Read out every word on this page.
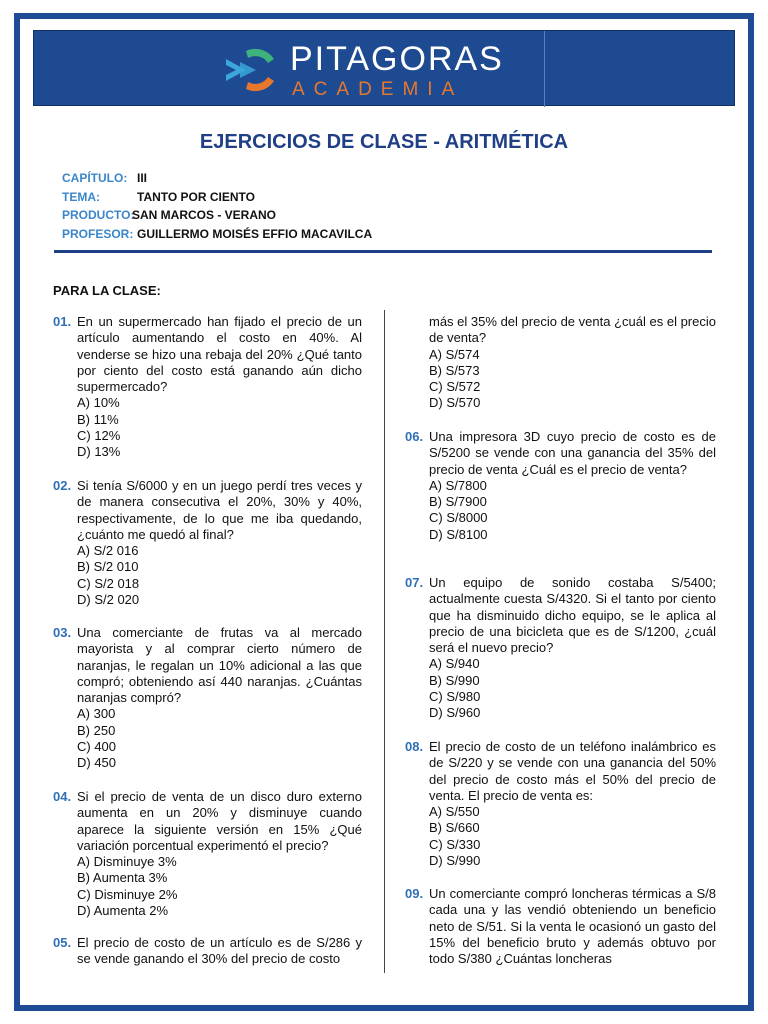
PITAGORAS
ACADEMIA
EJERCICIOS DE CLASE - ARITMÉTICA
CAPÍTULO: III
TEMA:	TANTO POR CIENTO
PRODUCTO:SAN MARCOS - VERANO
PROFESOR: GUILLERMO MOISÉS EFFIO MACAVILCA
PARA LA CLASE:
01. En un supermercado han fijado el precio de un artículo aumentando el costo en 40%. Al venderse se hizo una rebaja del 20% ¿Qué tanto por ciento del costo está ganando aún dicho supermercado?
A) 10%
B) 11%
C) 12%
D) 13%
02. Si tenía S/6000 y en un juego perdí tres veces y de manera consecutiva el 20%, 30% y 40%, respectivamente, de lo que me iba quedando, ¿cuánto me quedó al final?
A) S/2 016
B) S/2 010
C) S/2 018
D) S/2 020
03. Una comerciante de frutas va al mercado mayorista y al comprar cierto número de naranjas, le regalan un 10% adicional a las que compró; obteniendo así 440 naranjas. ¿Cuántas naranjas compró?
A) 300
B) 250
C) 400
D) 450
04. Si el precio de venta de un disco duro externo aumenta en un 20% y disminuye cuando aparece la siguiente versión en 15% ¿Qué variación porcentual experimentó el precio?
A) Disminuye 3%
B) Aumenta 3%
C) Disminuye 2%
D) Aumenta 2%
05. El precio de costo de un artículo es de S/286 y se vende ganando el 30% del precio de costo
más el 35% del precio de venta ¿cuál es el precio de venta?
A) S/574
B) S/573
C) S/572
D) S/570
06. Una impresora 3D cuyo precio de costo es de S/5200 se vende con una ganancia del 35% del precio de venta ¿Cuál es el precio de venta?
A) S/7800
B) S/7900
C) S/8000
D) S/8100
07. Un equipo de sonido costaba S/5400; actualmente cuesta S/4320. Si el tanto por ciento que ha disminuido dicho equipo, se le aplica al precio de una bicicleta que es de S/1200, ¿cuál será el nuevo precio?
A) S/940
B) S/990
C) S/980
D) S/960
08. El precio de costo de un teléfono inalámbrico es de S/220 y se vende con una ganancia del 50% del precio de costo más el 50% del precio de venta. El precio de venta es:
A) S/550
B) S/660
C) S/330
D) S/990
09. Un comerciante compró loncheras térmicas a S/8 cada una y las vendió obteniendo un beneficio neto de S/51. Si la venta le ocasionó un gasto del 15% del beneficio bruto y además obtuvo por todo S/380 ¿Cuántas loncheras
